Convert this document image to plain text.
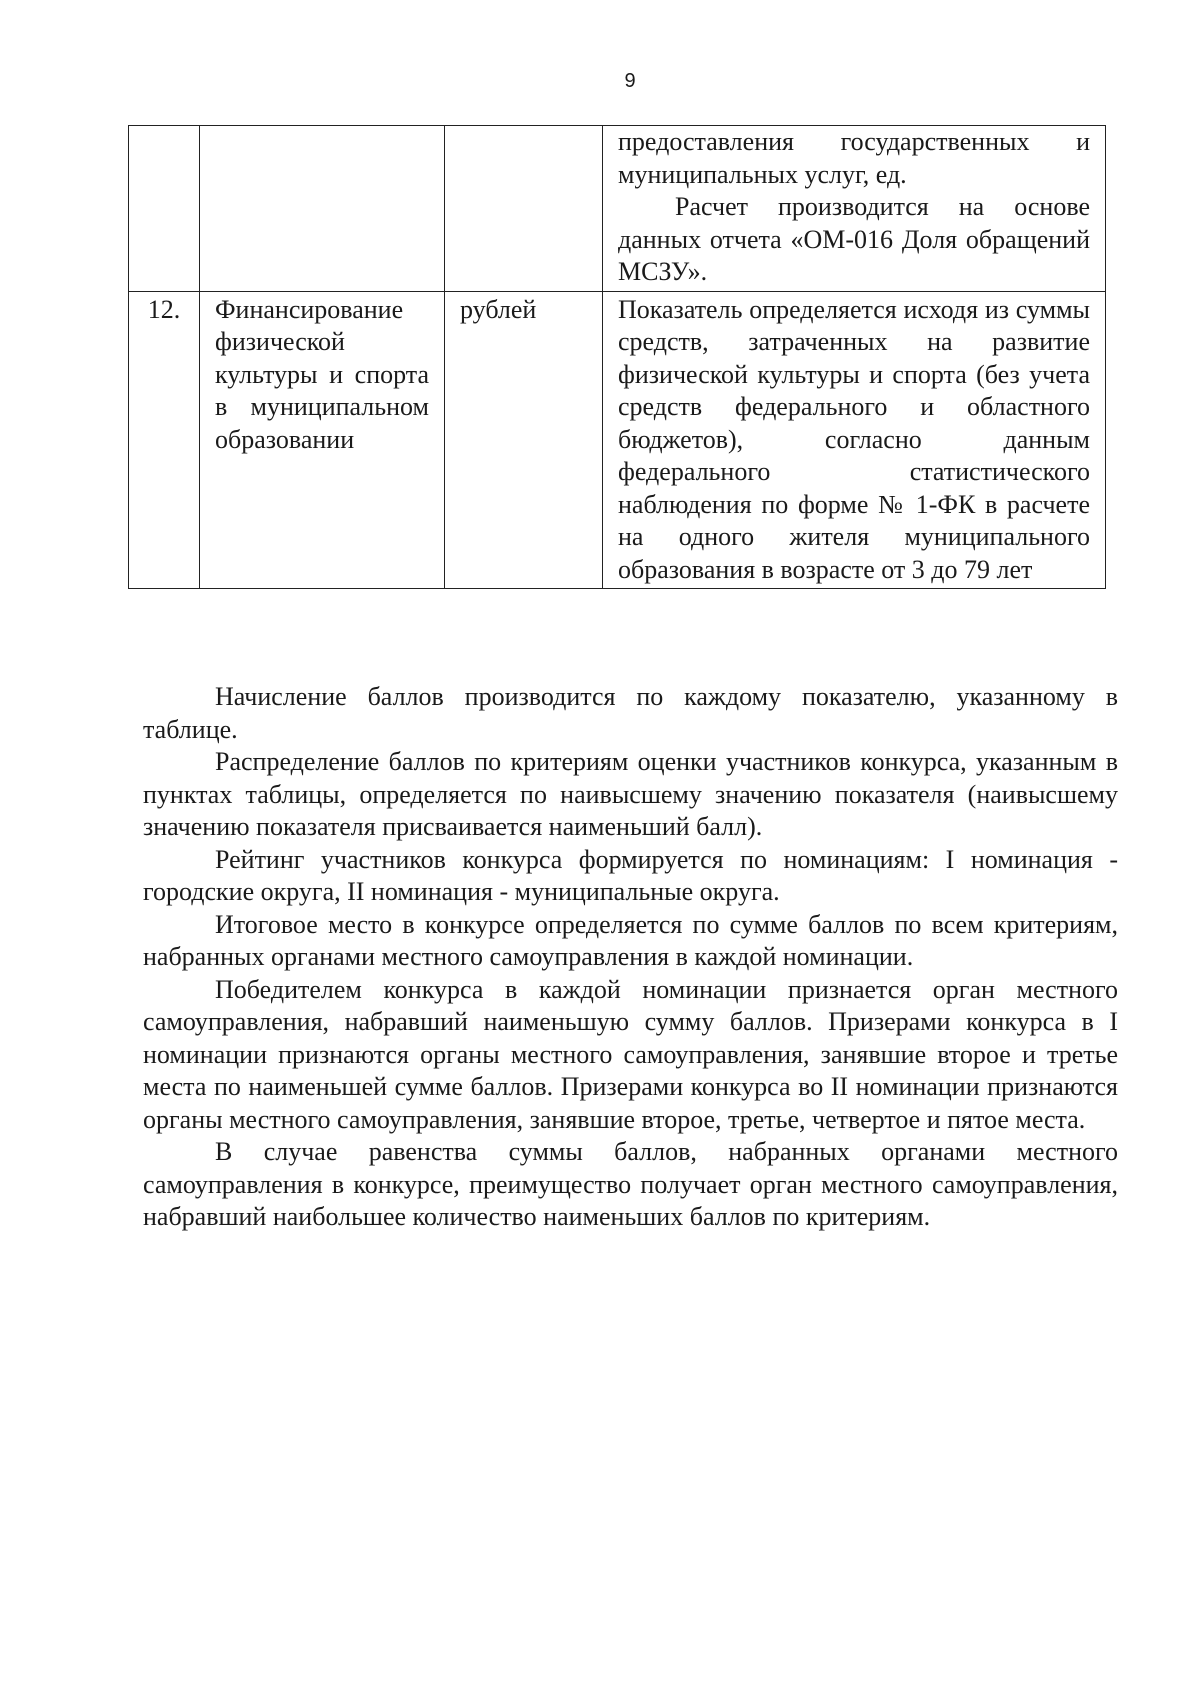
9

			предоставления государственных и муниципальных услуг, ед.
Расчет производится на основе данных отчета «ОМ-016 Доля обращений МСЗУ».

12.	Финансирование физической культуры и спорта в муниципальном образовании	рублей	Показатель определяется исходя из суммы средств, затраченных на развитие физической культуры и спорта (без учета средств федерального и областного бюджетов), согласно данным федерального статистического наблюдения по форме № 1-ФК в расчете на одного жителя муниципального образования в возрасте от 3 до 79 лет

Начисление баллов производится по каждому показателю, указанному в таблице.

Распределение баллов по критериям оценки участников конкурса, указанным в пунктах таблицы, определяется по наивысшему значению показателя (наивысшему значению показателя присваивается наименьший балл).

Рейтинг участников конкурса формируется по номинациям: I номинация - городские округа, II номинация - муниципальные округа.

Итоговое место в конкурсе определяется по сумме баллов по всем критериям, набранных органами местного самоуправления в каждой номинации.

Победителем конкурса в каждой номинации признается орган местного самоуправления, набравший наименьшую сумму баллов. Призерами конкурса в I номинации признаются органы местного самоуправления, занявшие второе и третье места по наименьшей сумме баллов. Призерами конкурса во II номинации признаются органы местного самоуправления, занявшие второе, третье, четвертое и пятое места.

В случае равенства суммы баллов, набранных органами местного самоуправления в конкурсе, преимущество получает орган местного самоуправления, набравший наибольшее количество наименьших баллов по критериям.
